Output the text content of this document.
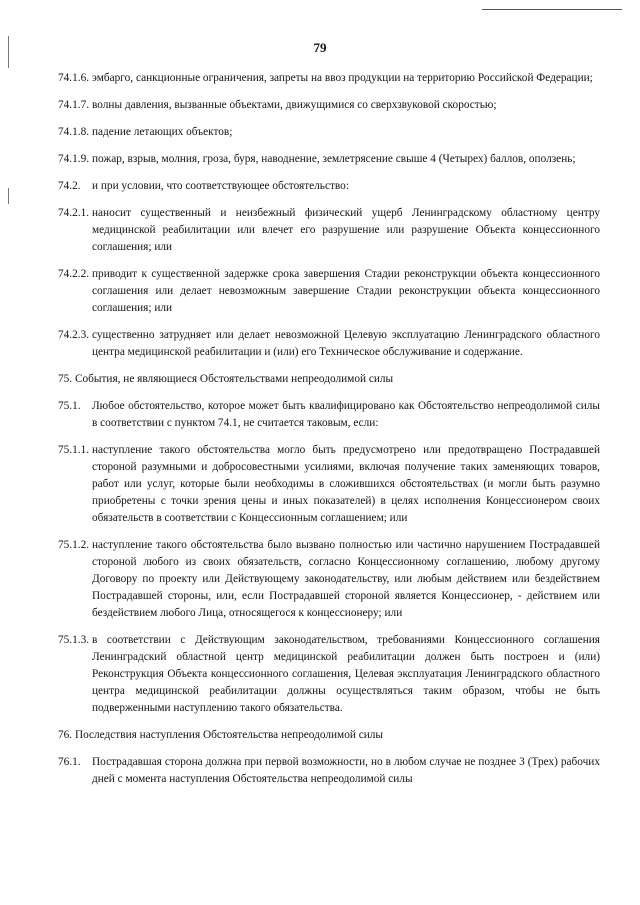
79
74.1.6. эмбарго, санкционные ограничения, запреты на ввоз продукции на территорию Российской Федерации;
74.1.7. волны давления, вызванные объектами, движущимися со сверхзвуковой скоростью;
74.1.8. падение летающих объектов;
74.1.9. пожар, взрыв, молния, гроза, буря, наводнение, землетрясение свыше 4 (Четырех) баллов, оползень;
74.2.	и при условии, что соответствующее обстоятельство:
74.2.1. наносит существенный и неизбежный физический ущерб Ленинградскому областному центру медицинской реабилитации или влечет его разрушение или разрушение Объекта концессионного соглашения; или
74.2.2. приводит к существенной задержке срока завершения Стадии реконструкции объекта концессионного соглашения или делает невозможным завершение Стадии реконструкции объекта концессионного соглашения; или
74.2.3. существенно затрудняет или делает невозможной Целевую эксплуатацию Ленинградского областного центра медицинской реабилитации и (или) его Техническое обслуживание и содержание.
75. События, не являющиеся Обстоятельствами непреодолимой силы
75.1.	Любое обстоятельство, которое может быть квалифицировано как Обстоятельство непреодолимой силы в соответствии с пунктом 74.1, не считается таковым, если:
75.1.1. наступление такого обстоятельства могло быть предусмотрено или предотвращено Пострадавшей стороной разумными и добросовестными усилиями, включая получение таких заменяющих товаров, работ или услуг, которые были необходимы в сложившихся обстоятельствах (и могли быть разумно приобретены с точки зрения цены и иных показателей) в целях исполнения Концессионером своих обязательств в соответствии с Концессионным соглашением; или
75.1.2. наступление такого обстоятельства было вызвано полностью или частично нарушением Пострадавшей стороной любого из своих обязательств, согласно Концессионному соглашению, любому другому Договору по проекту или Действующему законодательству, или любым действием или бездействием Пострадавшей стороны, или, если Пострадавшей стороной является Концессионер, - действием или бездействием любого Лица, относящегося к концессионеру; или
75.1.3. в соответствии с Действующим законодательством, требованиями Концессионного соглашения Ленинградский областной центр медицинской реабилитации должен быть построен и (или) Реконструкция Объекта концессионного соглашения, Целевая эксплуатация Ленинградского областного центра медицинской реабилитации должны осуществляться таким образом, чтобы не быть подверженными наступлению такого обязательства.
76. Последствия наступления Обстоятельства непреодолимой силы
76.1.	Пострадавшая сторона должна при первой возможности, но в любом случае не позднее 3 (Трех) рабочих дней с момента наступления Обстоятельства непреодолимой силы
